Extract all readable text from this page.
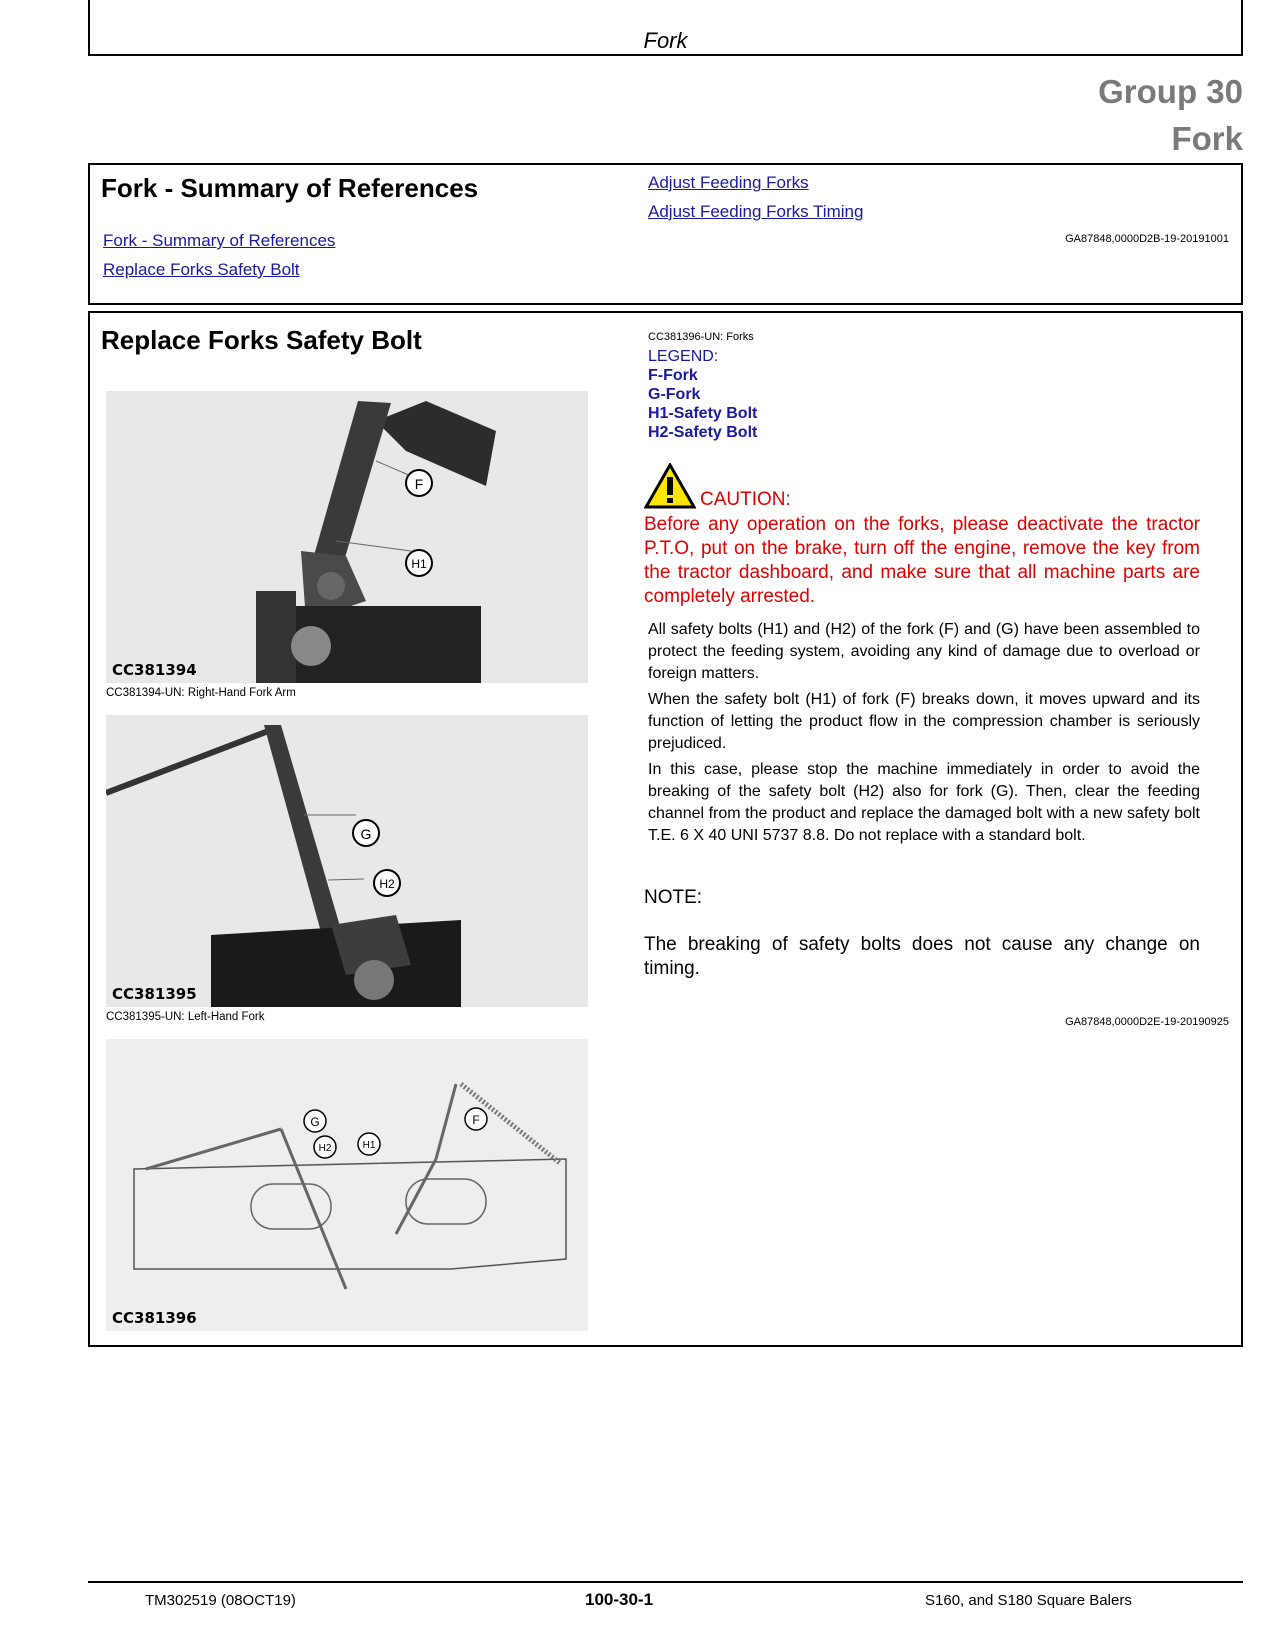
Fork
Group 30
Fork
Fork - Summary of References
Fork - Summary of References
Replace Forks Safety Bolt
Adjust Feeding Forks
Adjust Feeding Forks Timing
GA87848,0000D2B-19-20191001
Replace Forks Safety Bolt
F
H1
CC381394
CC381394-UN: Right-Hand Fork Arm
G
H2
CC381395
CC381395-UN: Left-Hand Fork
G
H2	H1
F
CC381396
CC381396-UN: Forks
LEGEND:
F-Fork
G-Fork
H1-Safety Bolt
H2-Safety Bolt
CAUTION:
Before any operation on the forks, please deactivate the tractor P.T.O, put on the brake, turn off the engine, remove the key from the tractor dashboard, and make sure that all machine parts are completely arrested.
All safety bolts (H1) and (H2) of the fork (F) and (G) have been assembled to protect the feeding system, avoiding any kind of damage due to overload or foreign matters.
When the safety bolt (H1) of fork (F) breaks down, it moves upward and its function of letting the product flow in the compression chamber is seriously prejudiced.
In this case, please stop the machine immediately in order to avoid the breaking of the safety bolt (H2) also for fork (G). Then, clear the feeding channel from the product and replace the damaged bolt with a new safety bolt T.E. 6 X 40 UNI 5737 8.8. Do not replace with a standard bolt.
NOTE:
The breaking of safety bolts does not cause any change on timing.
GA87848,0000D2E-19-20190925
TM302519 (08OCT19)	100-30-1	S160, and S180 Square Balers
